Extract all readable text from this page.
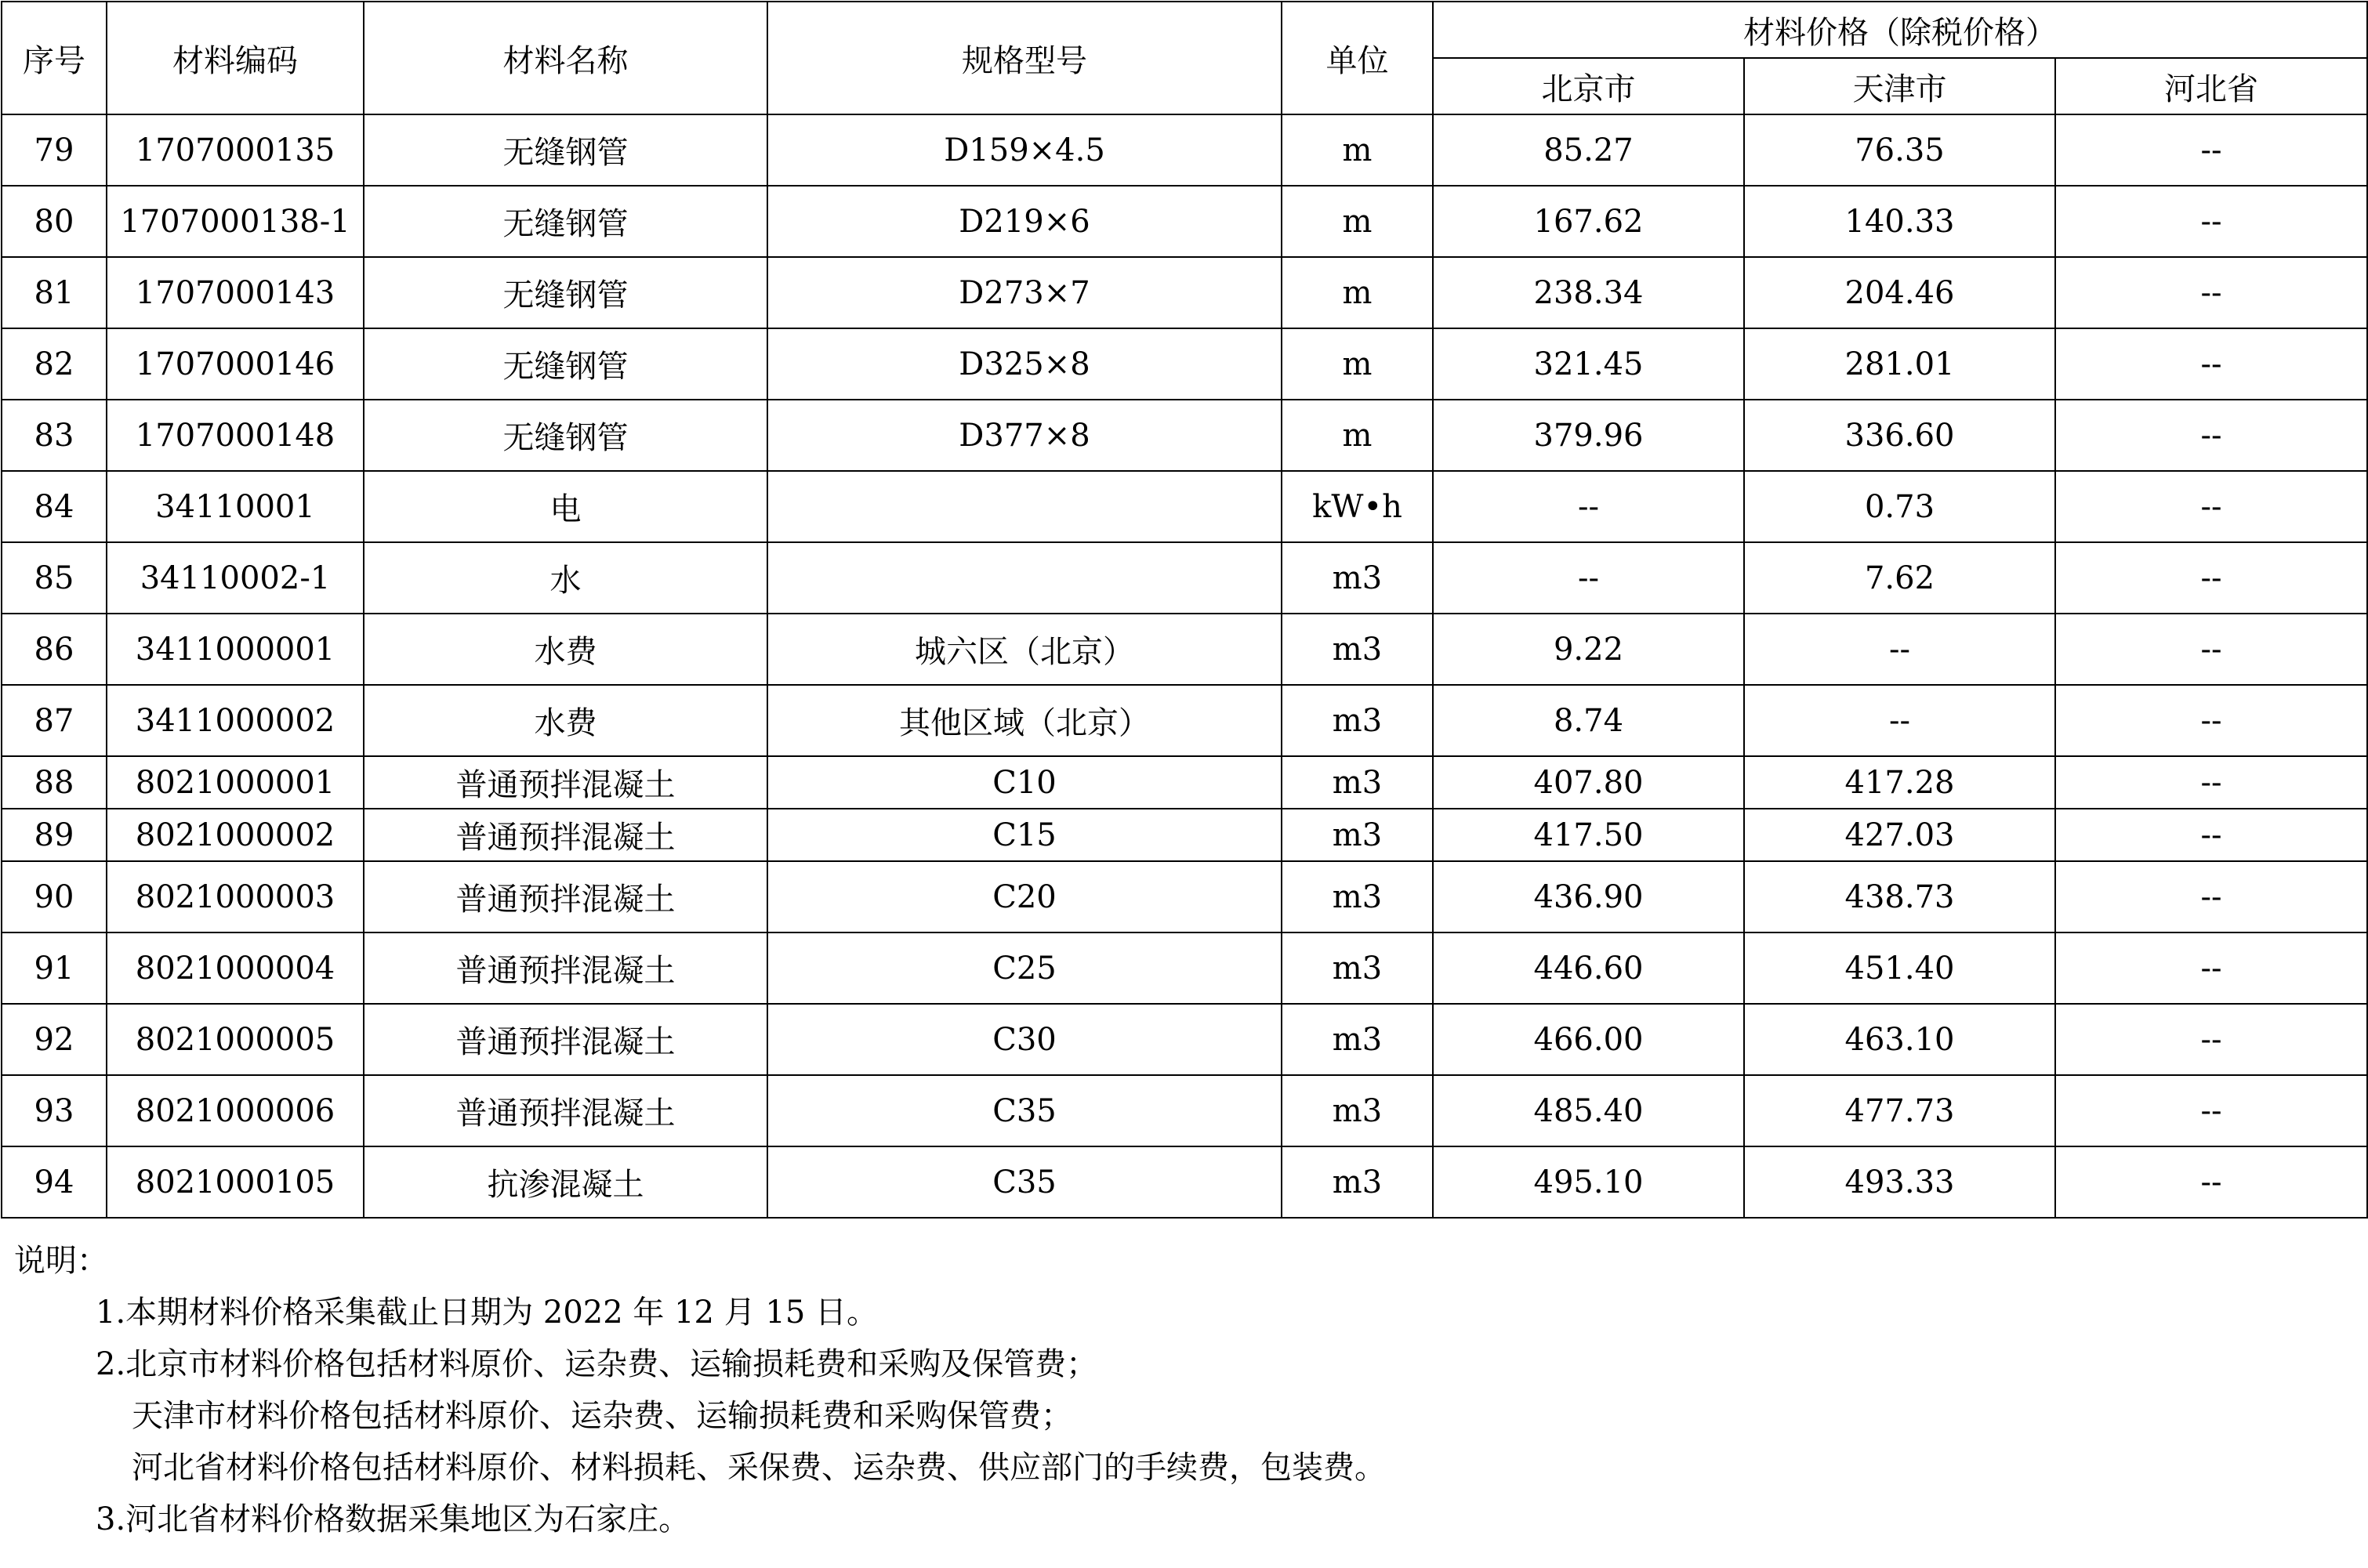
序号	材料编码	材料名称	规格型号	单位	材料价格（除税价格）		
					北京市	天津市	河北省
79	1707000135	无缝钢管	D159×4.5	m	85.27	76.35	--
80	1707000138-1	无缝钢管	D219×6	m	167.62	140.33	--
81	1707000143	无缝钢管	D273×7	m	238.34	204.46	--
82	1707000146	无缝钢管	D325×8	m	321.45	281.01	--
83	1707000148	无缝钢管	D377×8	m	379.96	336.60	--
84	34110001	电		kW•h	--	0.73	--
85	34110002-1	水		m3	--	7.62	--
86	3411000001	水费	城六区（北京）	m3	9.22	--	--
87	3411000002	水费	其他区域（北京）	m3	8.74	--	--
88	8021000001	普通预拌混凝土	C10	m3	407.80	417.28	--
89	8021000002	普通预拌混凝土	C15	m3	417.50	427.03	--
90	8021000003	普通预拌混凝土	C20	m3	436.90	438.73	--
91	8021000004	普通预拌混凝土	C25	m3	446.60	451.40	--
92	8021000005	普通预拌混凝土	C30	m3	466.00	463.10	--
93	8021000006	普通预拌混凝土	C35	m3	485.40	477.73	--
94	8021000105	抗渗混凝土	C35	m3	495.10	493.33	--
说明：
1.本期材料价格采集截止日期为 2022 年 12 月 15 日。
2.北京市材料价格包括材料原价、运杂费、运输损耗费和采购及保管费；
天津市材料价格包括材料原价、运杂费、运输损耗费和采购保管费；
河北省材料价格包括材料原价、材料损耗、采保费、运杂费、供应部门的手续费，包装费。
3.河北省材料价格数据采集地区为石家庄。
